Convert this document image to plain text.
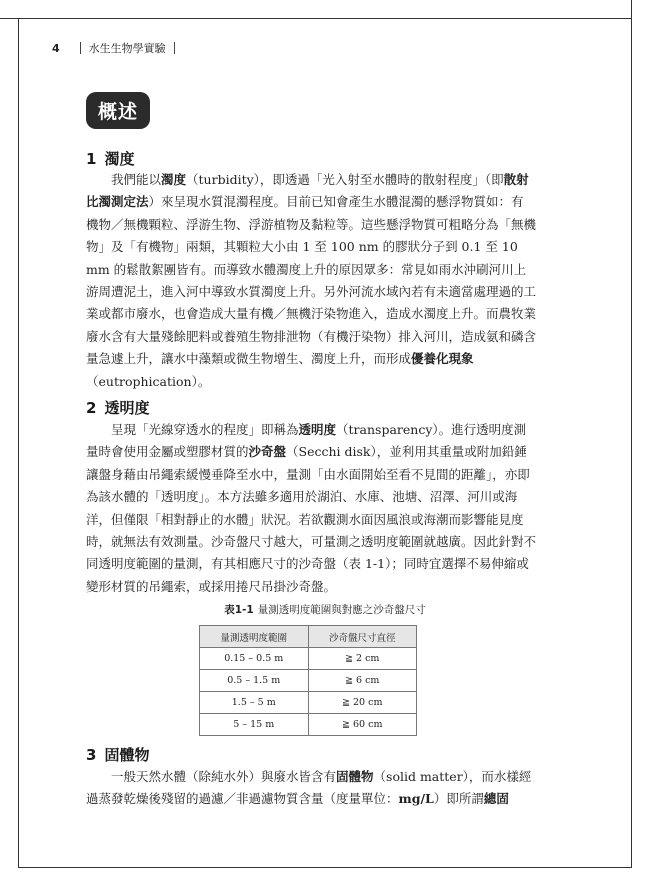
4	水生生物學實驗
概述
1 濁度

我們能以濁度（turbidity），即透過「光入射至水體時的散射程度」（即散射比濁測定法）來呈現水質混濁程度。目前已知會產生水體混濁的懸浮物質如：有機物／無機顆粒、浮游生物、浮游植物及黏粒等。這些懸浮物質可粗略分為「無機物」及「有機物」兩類，其顆粒大小由 1 至 100 nm 的膠狀分子到 0.1 至 10 mm 的鬆散絮團皆有。而導致水體濁度上升的原因眾多：常見如雨水沖刷河川上游周遭泥土，進入河中導致水質濁度上升。另外河流水域內若有未適當處理過的工業或都市廢水，也會造成大量有機／無機汙染物進入，造成水濁度上升。而農牧業廢水含有大量殘餘肥料或養殖生物排泄物（有機汙染物）排入河川，造成氨和磷含量急遽上升，讓水中藻類或微生物增生、濁度上升，而形成優養化現象（eutrophication）。

2 透明度

呈現「光線穿透水的程度」即稱為透明度（transparency）。進行透明度測量時會使用金屬或塑膠材質的沙奇盤（Secchi disk），並利用其重量或附加鉛錘讓盤身藉由吊繩索緩慢垂降至水中，量測「由水面開始至看不見間的距離」，亦即為該水體的「透明度」。本方法雖多適用於湖泊、水庫、池塘、沼澤、河川或海洋，但僅限「相對靜止的水體」狀況。若欲觀測水面因風浪或海潮而影響能見度時，就無法有效測量。沙奇盤尺寸越大，可量測之透明度範圍就越廣。因此針對不同透明度範圍的量測，有其相應尺寸的沙奇盤（表 1-1）；同時宜選擇不易伸縮或變形材質的吊繩索，或採用捲尺吊掛沙奇盤。

表1-1 量測透明度範圍與對應之沙奇盤尺寸
量測透明度範圍	沙奇盤尺寸直徑
0.15 – 0.5 m	≧ 2 cm
0.5 – 1.5 m	≧ 6 cm
1.5 – 5 m	≧ 20 cm
5 – 15 m	≧ 60 cm
3 固體物

一般天然水體（除純水外）與廢水皆含有固體物（solid matter），而水樣經過蒸發乾燥後殘留的過濾／非過濾物質含量（度量單位：mg/L）即所謂總固
